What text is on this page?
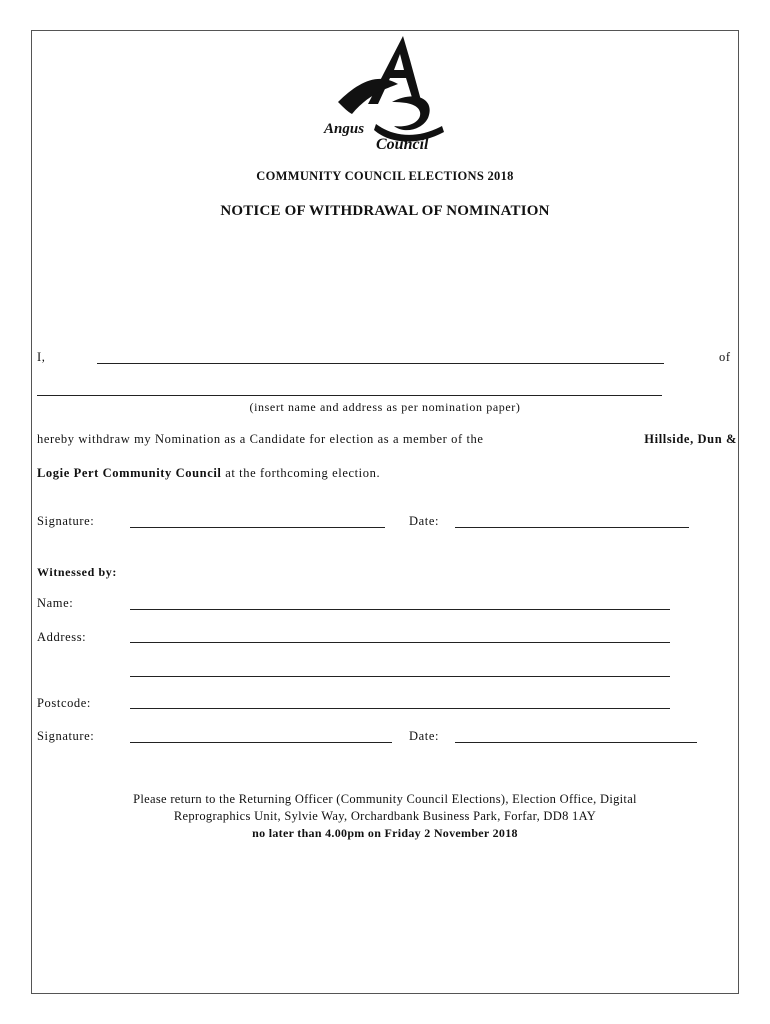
Angus
Council
COMMUNITY COUNCIL ELECTIONS 2018
NOTICE OF WITHDRAWAL OF NOMINATION
I,	of
(insert name and address as per nomination paper)
hereby withdraw my Nomination as a Candidate for election as a member of the	Hillside, Dun &
Logie Pert Community Council at the forthcoming election.
Signature:	Date:
Witnessed by:
Name:
Address:
Postcode:
Signature:	Date:
Please return to the Returning Officer (Community Council Elections), Election Office, Digital
Reprographics Unit, Sylvie Way, Orchardbank Business Park, Forfar, DD8 1AY
no later than 4.00pm on Friday 2 November 2018
